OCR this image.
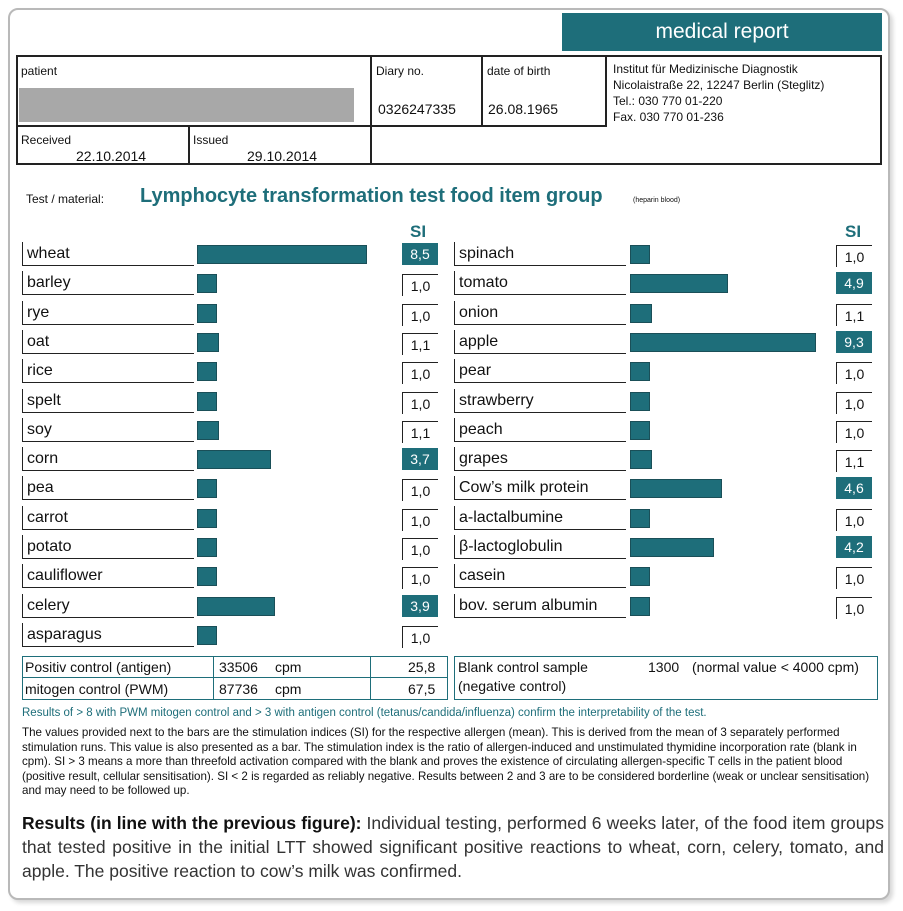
medical report
patient	Diary no.
0326247335
date of birth
26.08.1965
Institut für Medizinische Diagnostik
Nicolaistraße 22, 12247 Berlin (Steglitz)
Tel.: 030 770 01-220
Fax. 030 770 01-236
Received
22.10.2014
Issued
29.10.2014
Test / material: Lymphocyte transformation test food item group	(heparin blood)
SI	SI
wheat	8,5
barley	1,0
rye	1,0
oat	1,1
rice	1,0
spelt	1,0
soy	1,1
corn	3,7
pea	1,0
carrot	1,0
potato	1,0
cauliflower	1,0
celery	3,9
asparagus	1,0
spinach	1,0
tomato	4,9
onion	1,1
apple	9,3
pear	1,0
strawberry	1,0
peach	1,0
grapes	1,1
Cow’s milk protein	4,6
a-lactalbumine	1,0
β-lactoglobulin	4,2
casein	1,0
bov. serum albumin	1,0
Positiv control (antigen)	33506 cpm	25,8
mitogen control (PWM)	87736 cpm	67,5
Blank control sample	1300 (normal value < 4000 cpm)
(negative control)
Results of > 8 with PWM mitogen control and > 3 with antigen control (tetanus/candida/influenza) confirm the interpretability of the test.
The values provided next to the bars are the stimulation indices (SI) for the respective allergen (mean). This is derived from the mean of 3 separately performed stimulation runs. This value is also presented as a bar. The stimulation index is the ratio of allergen-induced and unstimulated thymidine incorporation rate (blank in cpm). SI > 3 means a more than threefold activation compared with the blank and proves the existence of circulating allergen-specific T cells in the patient blood (positive result, cellular sensitisation). SI < 2 is regarded as reliably negative. Results between 2 and 3 are to be considered borderline (weak or unclear sensitisation) and may need to be followed up.
Results (in line with the previous figure): Individual testing, performed 6 weeks later, of the food item groups that tested positive in the initial LTT showed significant positive reactions to wheat, corn, celery, tomato, and apple. The positive reaction to cow’s milk was confirmed.
